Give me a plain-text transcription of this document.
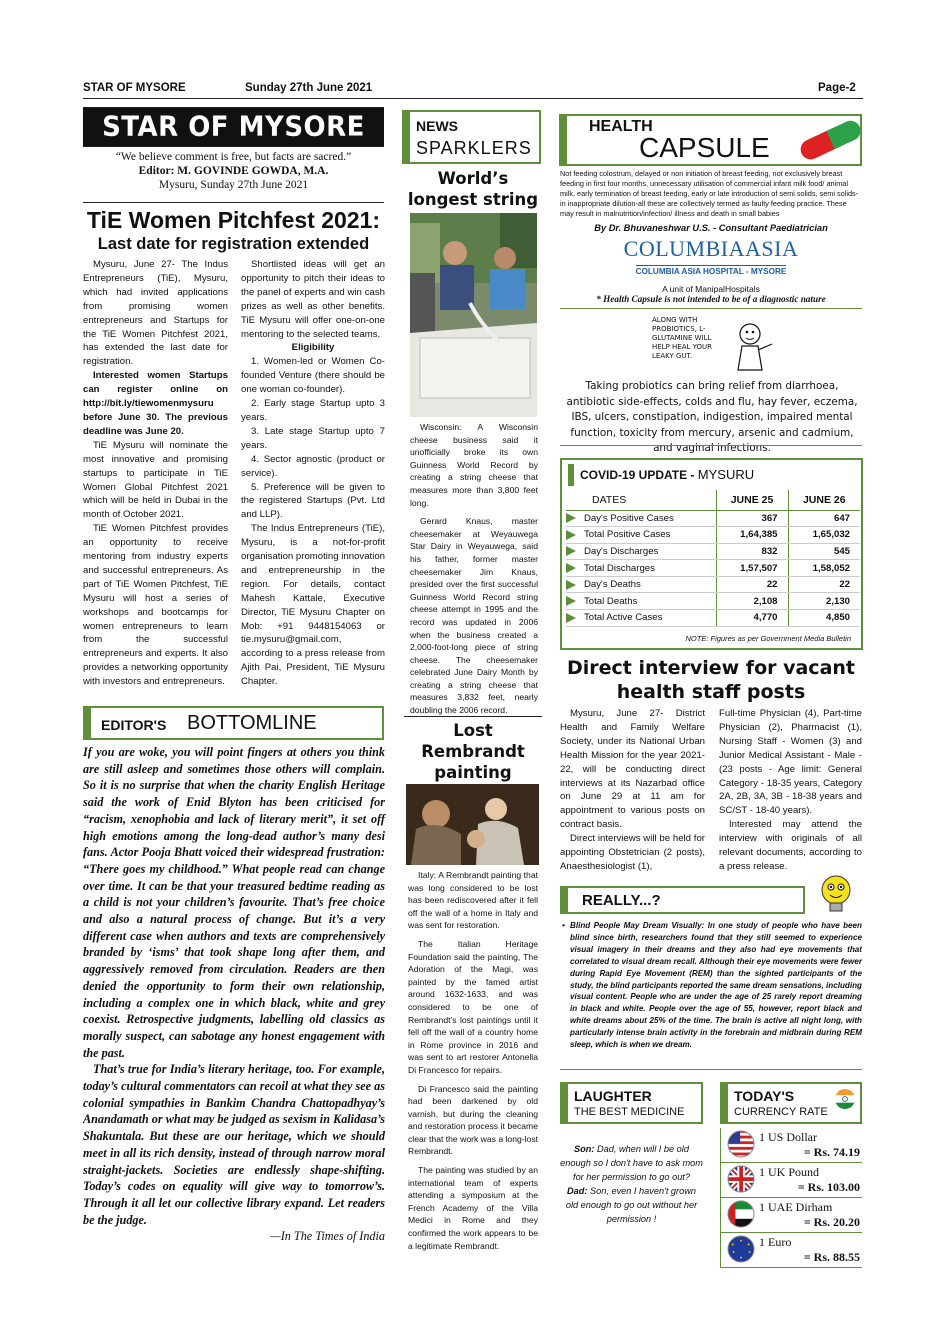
STAR OF MYSORE	Sunday 27th June 2021	Page-2
STAR OF MYSORE
“We believe comment is free, but facts are sacred.”
Editor: M. GOVINDE GOWDA, M.A.
Mysuru, Sunday 27th June 2021
TiE Women Pitchfest 2021:
Last date for registration extended

Mysuru, June 27- The Indus Entrepreneurs (TiE), Mysuru, which had invited applications from promising women entrepreneurs and Startups for the TiE Women Pitchfest 2021, has extended the last date for registration.

Interested women Startups can register online on http://bit.ly/tiewomenmysuru before June 30. The previous deadline was June 20.

TiE Mysuru will nominate the most innovative and promising startups to participate in TiE Women Global Pitchfest 2021 which will be held in Dubai in the month of October 2021.

TiE Women Pitchfest provides an opportunity to receive mentoring from industry experts and successful entrepreneurs. As part of TiE Women Pitchfest, TiE Mysuru will host a series of workshops and bootcamps for women entrepreneurs to learn from the successful entrepreneurs and experts. It also provides a networking opportunity with investors and entrepreneurs.

Shortlisted ideas will get an opportunity to pitch their ideas to the panel of experts and win cash prizes as well as other benefits. TiE Mysuru will offer one-on-one mentoring to the selected teams.

Eligibility

1. Women-led or Women Co-founded Venture (there should be one woman co-founder).

2. Early stage Startup upto 3 years.

3. Late stage Startup upto 7 years.

4. Sector agnostic (product or service).

5. Preference will be given to the registered Startups (Pvt. Ltd and LLP).

The Indus Entrepreneurs (TiE), Mysuru, is a not-for-profit organisation promoting innovation and entrepreneurship in the region. For details, contact Mahesh Kattale, Executive Director, TiE Mysuru Chapter on Mob: +91 9448154063 or tie.mysuru@gmail.com, according to a press release from Ajith Pai, President, TiE Mysuru Chapter.

EDITOR'S BOTTOMLINE

If you are woke, you will point fingers at others you think are still asleep and sometimes those others will complain. So it is no surprise that when the charity English Heritage said the work of Enid Blyton has been criticised for “racism, xenophobia and lack of literary merit”, it set off high emotions among the long-dead author’s many desi fans. Actor Pooja Bhatt voiced their widespread frustration: “There goes my childhood.” What people read can change over time. It can be that your treasured bedtime reading as a child is not your children’s favourite. That’s free choice and also a natural process of change. But it’s a very different case when authors and texts are comprehensively branded by ‘isms’ that took shape long after them, and aggressively removed from circulation. Readers are then denied the opportunity to form their own relationship, including a complex one in which black, white and grey coexist. Retrospective judgments, labelling old classics as morally suspect, can sabotage any honest engagement with the past.

That’s true for India’s literary heritage, too. For example, today’s cultural commentators can recoil at what they see as colonial sympathies in Bankim Chandra Chattopadhyay’s Anandamath or what may be judged as sexism in Kalidasa’s Shakuntala. But these are our heritage, which we should meet in all its rich density, instead of through narrow moral straight-jackets. Societies are endlessly shape-shifting. Today’s codes on equality will give way to tomorrow’s. Through it all let our collective library expand. Let readers be the judge.

—In The Times of India

NEWS
SPARKLERS
World’s longest string

Wisconsin: A Wisconsin cheese business said it unofficially broke its own Guinness World Record by creating a string cheese that measures more than 3,800 feet long.

Gerard Knaus, master cheesemaker at Weyauwega Star Dairy in Weyauwega, said his father, former master cheesemaker Jim Knaus, presided over the first successful Guinness World Record string cheese attempt in 1995 and the record was updated in 2006 when the business created a 2,000-foot-long piece of string cheese. The cheesemaker celebrated June Dairy Month by creating a string cheese that measures 3,832 feet, nearly doubling the 2006 record.

Lost Rembrandt painting

Italy: A Rembrandt painting that was long considered to be lost has been rediscovered after it fell off the wall of a home in Italy and was sent for restoration.

The Italian Heritage Foundation said the painting, The Adoration of the Magi, was painted by the famed artist around 1632-1633, and was considered to be one of Rembrandt’s lost paintings until it fell off the wall of a country home in Rome province in 2016 and was sent to art restorer Antonella Di Francesco for repairs.

Di Francesco said the painting had been darkened by old varnish, but during the cleaning and restoration process it became clear that the work was a long-lost Rembrandt.

The painting was studied by an international team of experts attending a symposium at the French Academy of the Villa Medici in Rome and they confirmed the work appears to be a legitimate Rembrandt.

HEALTH
CAPSULE
Not feeding colostrum, delayed or non initiation of breast feeding, not exclusively breast feeding in first four months, unnecessary utilisation of commercial infant milk food/ animal milk, early termination of breast feeding, early or late introduction of semi solids, semi solids-in inappropriate dilution-all these are collectively termed as faulty feeding practice. These may result in malnutrition/infection/ illness and death in small babies
By Dr. Bhuvaneshwar U.S. - Consultant Paediatrician
COLUMBIAASIA
COLUMBIA ASIA HOSPITAL - MYSORE
A unit of ManipalHospitals
* Health Capsule is not intended to be of a diagnostic nature
ALONG WITH PROBIOTICS, L-GLUTAMINE WILL HELP HEAL YOUR LEAKY GUT.
Taking probiotics can bring relief from diarrhoea, antibiotic side-effects, colds and flu, hay fever, eczema, IBS, ulcers, constipation, indigestion, impaired mental function, toxicity from mercury, arsenic and cadmium, and vaginal infections.
COVID-19 UPDATE - MYSURU
DATES	JUNE 25	JUNE 26
Day's Positive Cases	367	647
Total Positive Cases	1,64,385	1,65,032
Day's Discharges	832	545
Total Discharges	1,57,507	1,58,052
Day's Deaths	22	22
Total Deaths	2,108	2,130
Total Active Cases	4,770	4,850
NOTE: Figures as per Government Media Bulletin
Direct interview for vacant health staff posts

Mysuru, June 27- District Health and Family Welfare Society, under its National Urban Health Mission for the year 2021-22, will be conducting direct interviews at its Nazarbad office on June 29 at 11 am for appointment to various posts on contract basis.

Direct interviews will be held for appointing Obstetrician (2 posts), Anaesthesiologist (1),

Full-time Physician (4), Part-time Physician (2), Pharmacist (1), Nursing Staff - Women (3) and Junior Medical Assistant - Male - (23 posts - Age limit: General Category - 18-35 years, Category 2A, 2B, 3A, 3B - 18-38 years and SC/ST - 18-40 years).

Interested may attend the interview with originals of all relevant documents, according to a press release.

REALLY...?
• Blind People May Dream Visually: In one study of people who have been blind since birth, researchers found that they still seemed to experience visual imagery in their dreams and they also had eye movements that correlated to visual dream recall. Although their eye movements were fewer during Rapid Eye Movement (REM) than the sighted participants of the study, the blind participants reported the same dream sensations, including visual content. People who are under the age of 25 rarely report dreaming in black and white. People over the age of 55, however, report black and white dreams about 25% of the time. The brain is active all night long, with particularly intense brain activity in the forebrain and midbrain during REM sleep, which is when we dream.
LAUGHTER
THE BEST MEDICINE

Son: Dad, when will I be old enough so I don't have to ask mom for her permission to go out?

Dad: Son, even I haven't grown old enough to go out without her permission !

TODAY'S
CURRENCY RATE
1 US Dollar
= Rs. 74.19
1 UK Pound
= Rs. 103.00
1 UAE Dirham
= Rs. 20.20
1 Euro
= Rs. 88.55
